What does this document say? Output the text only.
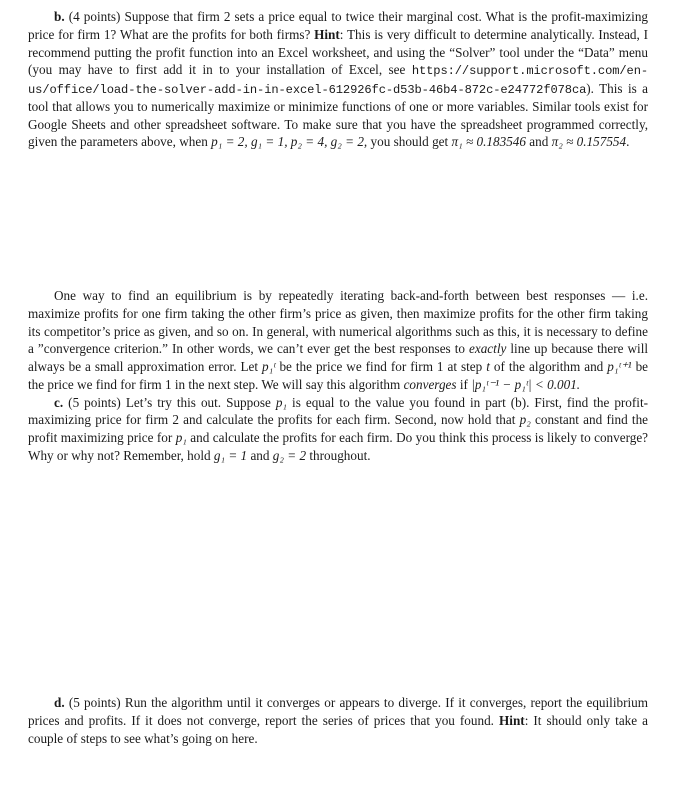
b. (4 points) Suppose that firm 2 sets a price equal to twice their marginal cost. What is the profit-maximizing price for firm 1? What are the profits for both firms? Hint: This is very difficult to determine analytically. Instead, I recommend putting the profit function into an Excel worksheet, and using the “Solver” tool under the “Data” menu (you may have to first add it in to your installation of Excel, see https://support.microsoft.com/en-us/office/load-the-solver-add-in-in-excel-612926fc-d53b-46b4-872c-e24772f078ca). This is a tool that allows you to numerically maximize or minimize functions of one or more variables. Similar tools exist for Google Sheets and other spreadsheet software. To make sure that you have the spreadsheet programmed correctly, given the parameters above, when p₁ = 2, g₁ = 1, p₂ = 4, g₂ = 2, you should get π₁ ≈ 0.183546 and π₂ ≈ 0.157554.

One way to find an equilibrium is by repeatedly iterating back-and-forth between best responses — i.e. maximize profits for one firm taking the other firm’s price as given, then maximize profits for the other firm taking its competitor’s price as given, and so on. In general, with numerical algorithms such as this, it is necessary to define a ”convergence criterion.” In other words, we can’t ever get the best responses to exactly line up because there will always be a small approximation error. Let p₁ᵗ be the price we find for firm 1 at step t of the algorithm and p₁ᵗ⁺¹ be the price we find for firm 1 in the next step. We will say this algorithm converges if |p₁ᵗ⁻¹ − p₁ᵗ| < 0.001.

c. (5 points) Let’s try this out. Suppose p₁ is equal to the value you found in part (b). First, find the profit-maximizing price for firm 2 and calculate the profits for each firm. Second, now hold that p₂ constant and find the profit maximizing price for p₁ and calculate the profits for each firm. Do you think this process is likely to converge? Why or why not? Remember, hold g₁ = 1 and g₂ = 2 throughout.

d. (5 points) Run the algorithm until it converges or appears to diverge. If it converges, report the equilibrium prices and profits. If it does not converge, report the series of prices that you found. Hint: It should only take a couple of steps to see what’s going on here.
